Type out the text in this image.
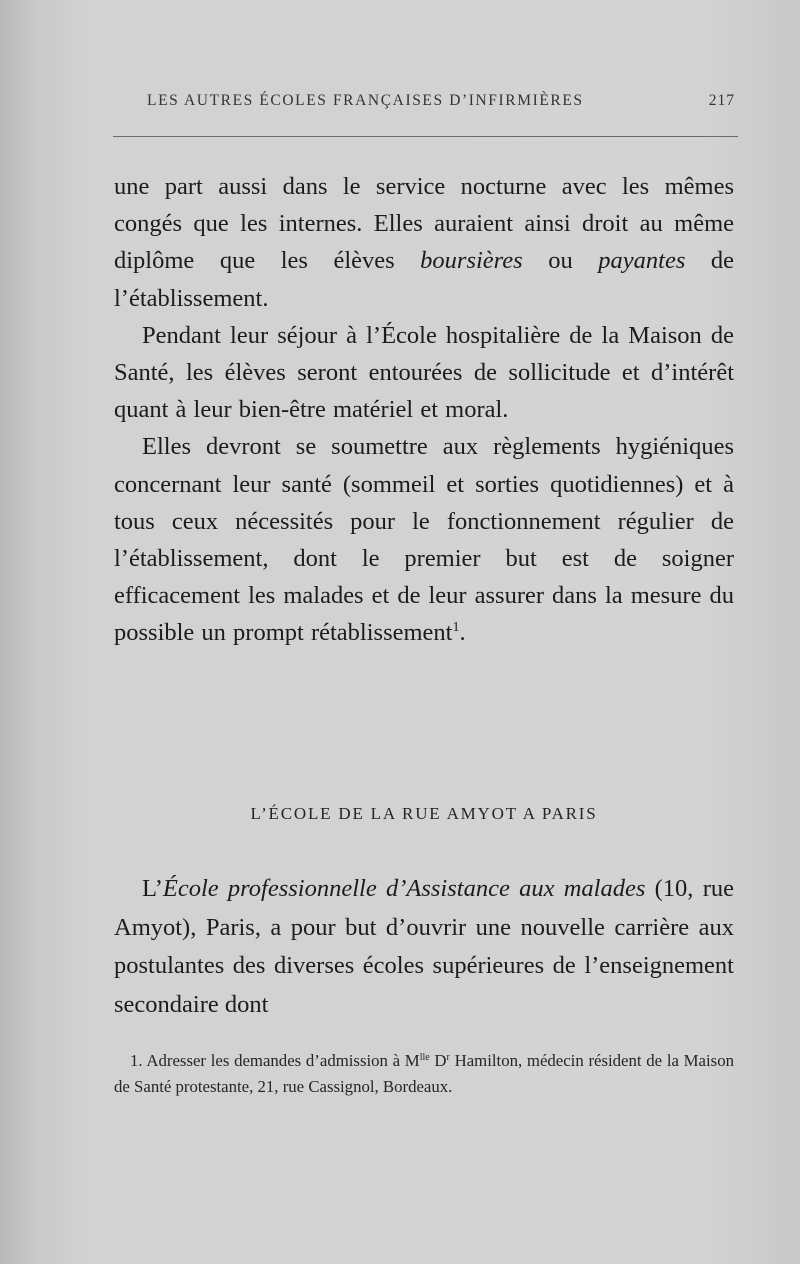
LES AUTRES ÉCOLES FRANÇAISES D’INFIRMIÈRES	217

une part aussi dans le service nocturne avec les mêmes congés que les internes. Elles auraient ainsi droit au même diplôme que les élèves boursières ou payantes de l’établissement.

Pendant leur séjour à l’École hospitalière de la Maison de Santé, les élèves seront entourées de sollicitude et d’intérêt quant à leur bien-être matériel et moral.

Elles devront se soumettre aux règlements hygiéniques concernant leur santé (sommeil et sorties quotidiennes) et à tous ceux nécessités pour le fonctionnement régulier de l’établissement, dont le premier but est de soigner efficacement les malades et de leur assurer dans la mesure du possible un prompt rétablissement$^1$.

L’ÉCOLE DE LA RUE AMYOT A PARIS

L’École professionnelle d’Assistance aux malades (10, rue Amyot), Paris, a pour but d’ouvrir une nouvelle carrière aux postulantes des diverses écoles supérieures de l’enseignement secondaire dont

1. Adresser les demandes d’admission à $M^{lle}$ $D^r$ Hamilton, médecin résident de la Maison de Santé protestante, 21, rue Cassignol, Bordeaux.
